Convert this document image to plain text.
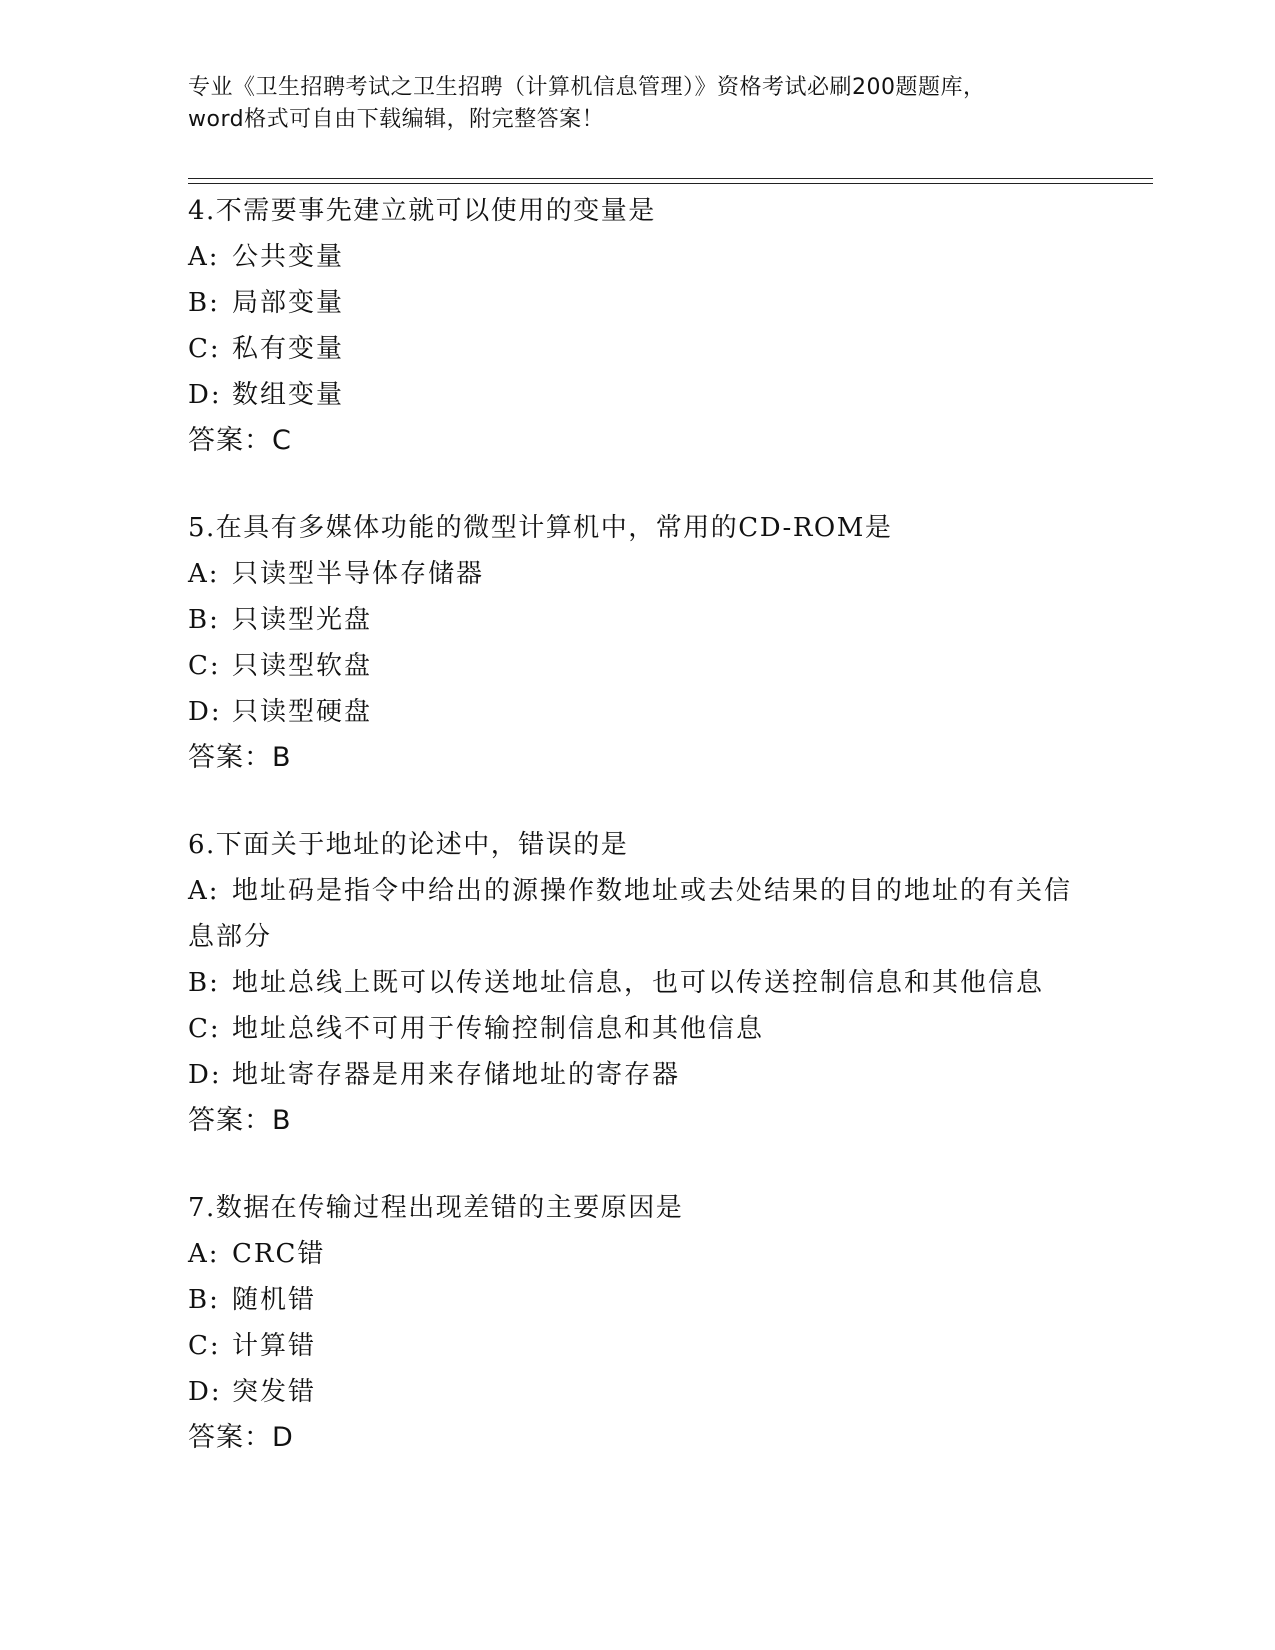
专业《卫生招聘考试之卫生招聘（计算机信息管理）》资格考试必刷200题题库，
word格式可自由下载编辑，附完整答案！
4.不需要事先建立就可以使用的变量是
A: 公共变量
B: 局部变量
C: 私有变量
D: 数组变量
答案：C
5.在具有多媒体功能的微型计算机中，常用的CD-ROM是
A: 只读型半导体存储器
B: 只读型光盘
C: 只读型软盘
D: 只读型硬盘
答案：B
6.下面关于地址的论述中，错误的是
A: 地址码是指令中给出的源操作数地址或去处结果的目的地址的有关信息部分
B: 地址总线上既可以传送地址信息，也可以传送控制信息和其他信息
C: 地址总线不可用于传输控制信息和其他信息
D: 地址寄存器是用来存储地址的寄存器
答案：B
7.数据在传输过程出现差错的主要原因是
A: CRC错
B: 随机错
C: 计算错
D: 突发错
答案：D
